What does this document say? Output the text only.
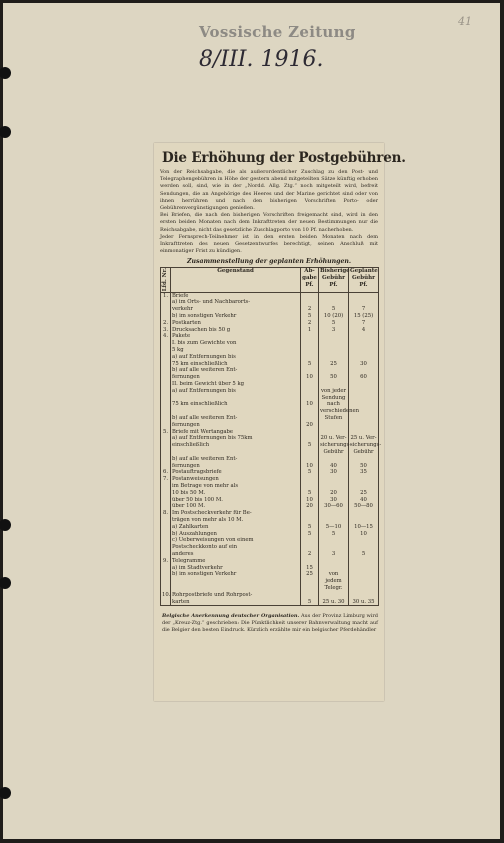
41
Vossische Zeitung
8/III. 1916.
Die Erhöhung der Postgebühren.
Von der Reichsabgabe, die als außerordentlicher Zuschlag zu den Post- und Telegraphengebühren in Höhe der gestern abend mitgeteilten Sätze künftig erhoben werden soll, sind, wie in der „Nordd. Allg. Ztg.“ noch mitgeteilt wird, befreit Sendungen, die an Angehörige des Heeres und der Marine gerichtet sind oder von ihnen herrühren und nach den bisherigen Vorschriften Porto- oder Gebührenvergünstigungen genießen.
Bei Briefen, die nach den bisherigen Vorschriften freigemacht sind, wird in den ersten beiden Monaten nach dem Inkrafttreten der neuen Bestimmungen nur die Reichsabgabe, nicht das gesetzliche Zuschlagporto von 10 Pf. nacherhoben.
Jeder Fernsprech-Teilnehmer ist in den ersten beiden Monaten nach dem Inkrafttreten des neuen Gesetzentwurfes berechtigt, seinen Anschluß mit einmonatiger Frist zu kündigen.
Zusammenstellung der geplanten Erhöhungen.
Lfd. Nr.	Gegenstand	Ab-gabe Pf.	Bisherige Gebühr Pf.	Geplante Gebühr Pf.
1.	Briefe			
	a) im Orts- und Nachbarorts-			
	verkehr	2	5	7
	b) im sonstigen Verkehr	5	10 (20)	15 (25)
2.	Postkarten	2	5	7
3.	Drucksachen bis 50 g	1	3	4
4.	Pakete			
	I. bis zum Gewichte von			
	5 kg			
	a) auf Entfernungen bis			
	75 km einschließlich	5	25	30
	b) auf alle weiteren Ent-			
	fernungen	10	50	60
	II. beim Gewicht über 5 kg			
	a) auf Entfernungen bis		von jeder Sendung	
	75 km einschließlich	10	nach verschiedenen	
	b) auf alle weiteren Ent-		Stufen	
	fernungen	20		
5.	Briefe mit Wertangabe			
	a) auf Entfernungen bis 75km		20 u. Ver-	25 u. Ver-
	einschließlich	5	sicherungs-	sicherungs-
			Gebühr	Gebühr
	b) auf alle weiteren Ent-			
	fernungen	10	40	50
6.	Postauftragsbriefe	5	30	35
7.	Postanweisungen			
	im Betrage von mehr als			
	10 bis 50 M.	5	20	25
	über 50 bis 100 M.	10	30	40
	über 100 M.	20	30—60	50—80
8.	Im Postscheckverkehr für Be-			
	trägen von mehr als 10 M.			
	a) Zahlkarten	5	5—10	10—15
	b) Auszahlungen	5	5	10
	c) Ueberweisungen von einem			
	Postscheckkonto auf ein			
	anderes	2	3	5
9.	Telegramme			
	a) im Stadtverkehr	15		
	b) im sonstigen Verkehr	25	von jedem Telegr.	
10.	Rohrpostbriefe und Rohrpost-			
	karten	5	25 u. 30	30 u. 35
Belgische Anerkennung deutscher Organisation. Aus der Provinz Limburg wird der „Kreuz-Ztg.“ geschrieben: Die Pünktlichkeit unserer Bahnverwaltung macht auf die Belgier den besten Eindruck. Kürzlich erzählte mir ein belgischer Pferdehändler
